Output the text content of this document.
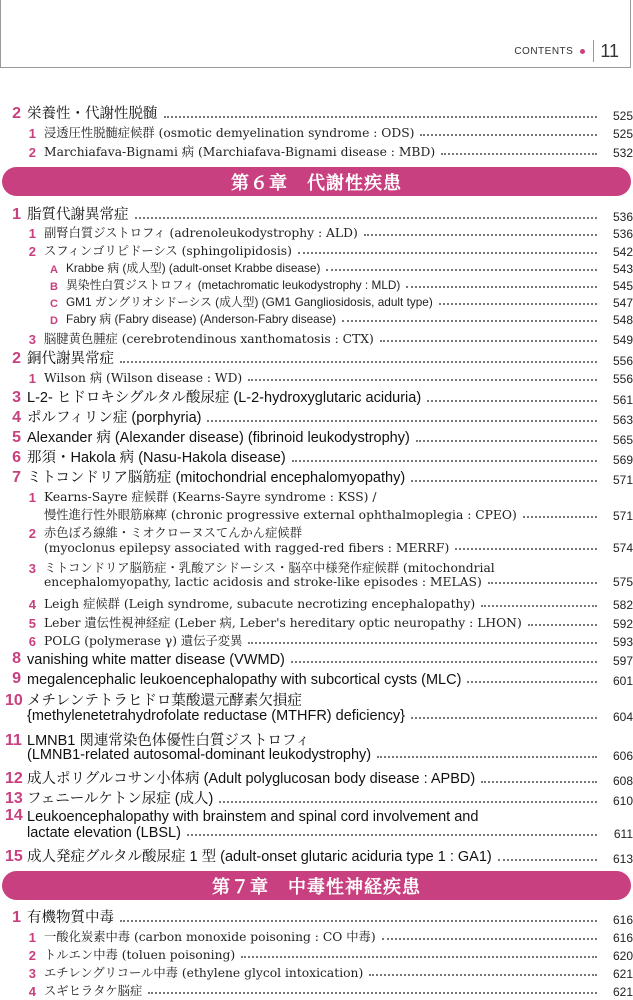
CONTENTS 11
2 栄養性・代謝性脱髄	525
1 浸透圧性脱髄症候群 (osmotic demyelination syndrome : ODS)	525
2 Marchiafava-Bignami 病 (Marchiafava-Bignami disease : MBD)	532
第６章　代謝性疾患
1 脂質代謝異常症	536
1 副腎白質ジストロフィ (adrenoleukodystrophy : ALD)	536
2 スフィンゴリピドーシス (sphingolipidosis)	542
A Krabbe 病 (成人型) (adult-onset Krabbe disease)	543
B 異染性白質ジストロフィ (metachromatic leukodystrophy : MLD)	545
C GM1 ガングリオシドーシス (成人型) (GM1 Gangliosidosis, adult type)	547
D Fabry 病 (Fabry disease) (Anderson-Fabry disease)	548
3 脳腱黄色腫症 (cerebrotendinous xanthomatosis : CTX)	549
2 銅代謝異常症	556
1 Wilson 病 (Wilson disease : WD)	556
3 L-2- ヒドロキシグルタル酸尿症 (L-2-hydroxyglutaric aciduria)	561
4 ポルフィリン症 (porphyria)	563
5 Alexander 病 (Alexander disease) (fibrinoid leukodystrophy)	565
6 那須・Hakola 病 (Nasu-Hakola disease)	569
7 ミトコンドリア脳筋症 (mitochondrial encephalomyopathy)	571
1 Kearns-Sayre 症候群 (Kearns-Sayre syndrome : KSS) /
慢性進行性外眼筋麻痺 (chronic progressive external ophthalmoplegia : CPEO)	571
2 赤色ぼろ線維・ミオクローヌスてんかん症候群
(myoclonus epilepsy associated with ragged-red fibers : MERRF)	574
3 ミトコンドリア脳筋症・乳酸アシドーシス・脳卒中様発作症候群 (mitochondrial
encephalomyopathy, lactic acidosis and stroke-like episodes : MELAS)	575
4 Leigh 症候群 (Leigh syndrome, subacute necrotizing encephalopathy)	582
5 Leber 遺伝性視神経症 (Leber 病, Leber's hereditary optic neuropathy : LHON)	592
6 POLG (polymerase γ) 遺伝子変異	593
8 vanishing white matter disease (VWMD)	597
9 megalencephalic leukoencephalopathy with subcortical cysts (MLC)	601
10 メチレンテトラヒドロ葉酸還元酵素欠損症
{methylenetetrahydrofolate reductase (MTHFR) deficiency}	604
11 LMNB1 関連常染色体優性白質ジストロフィ
(LMNB1-related autosomal-dominant leukodystrophy)	606
12 成人ポリグルコサン小体病 (Adult polyglucosan body disease : APBD)	608
13 フェニールケトン尿症 (成人)	610
14 Leukoencephalopathy with brainstem and spinal cord involvement and
lactate elevation (LBSL)	611
15 成人発症グルタル酸尿症 1 型 (adult-onset glutaric aciduria type 1 : GA1)	613
第７章　中毒性神経疾患
1 有機物質中毒	616
1 一酸化炭素中毒 (carbon monoxide poisoning : CO 中毒)	616
2 トルエン中毒 (toluen poisoning)	620
3 エチレングリコール中毒 (ethylene glycol intoxication)	621
4 スギヒラタケ脳症	621
